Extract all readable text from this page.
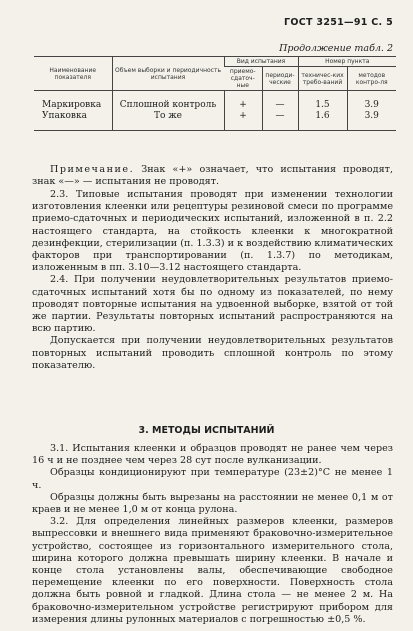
ГОСТ 3251—91 С. 5
Продолжение табл. 2
Наименование показателя	Объем выборки и периодичность испытания	Вид испытания		Номер пункта	
		приемо-сдаточ-ные	периоди-ческие	техничес-ких требо-ваний	методов контро-ля
Маркировка	Сплошной контроль	+	—	1.5	3.9
Упаковка	То же	+	—	1.6	3.9

Примечание. Знак «+» означает, что испытания проводят, знак «—» — испытания не проводят.

2.3. Типовые испытания проводят при изменении технологии изготовления клеенки или рецептуры резиновой смеси по программе приемо-сдаточных и периодических испытаний, изложенной в п. 2.2 настоящего стандарта, на стойкость клеенки к многократной дезинфекции, стерилизации (п. 1.3.3) и к воздействию климатических факторов при транспортировании (п. 1.3.7) по методикам, изложенным в пп. 3.10—3.12 настоящего стандарта.

2.4. При получении неудовлетворительных результатов приемо-сдаточных испытаний хотя бы по одному из показателей, по нему проводят повторные испытания на удвоенной выборке, взятой от той же партии. Результаты повторных испытаний распространяются на всю партию.

Допускается при получении неудовлетворительных результатов повторных испытаний проводить сплошной контроль по этому показателю.

3. МЕТОДЫ ИСПЫТАНИЙ

3.1. Испытания клеенки и образцов проводят не ранее чем через 16 ч и не позднее чем через 28 сут после вулканизации.

Образцы кондиционируют при температуре (23±2)°С не менее 1 ч.

Образцы должны быть вырезаны на расстоянии не менее 0,1 м от краев и не менее 1,0 м от конца рулона.

3.2. Для определения линейных размеров клеенки, размеров выпрессовки и внешнего вида применяют браковочно-измерительное устройство, состоящее из горизонтального измерительного стола, ширина которого должна превышать ширину клеенки. В начале и конце стола установлены валы, обеспечивающие свободное перемещение клеенки по его поверхности. Поверхность стола должна быть ровной и гладкой. Длина стола — не менее 2 м. На браковочно-измерительном устройстве регистрируют прибором для измерения длины рулонных материалов с погрешностью ±0,5 %.
